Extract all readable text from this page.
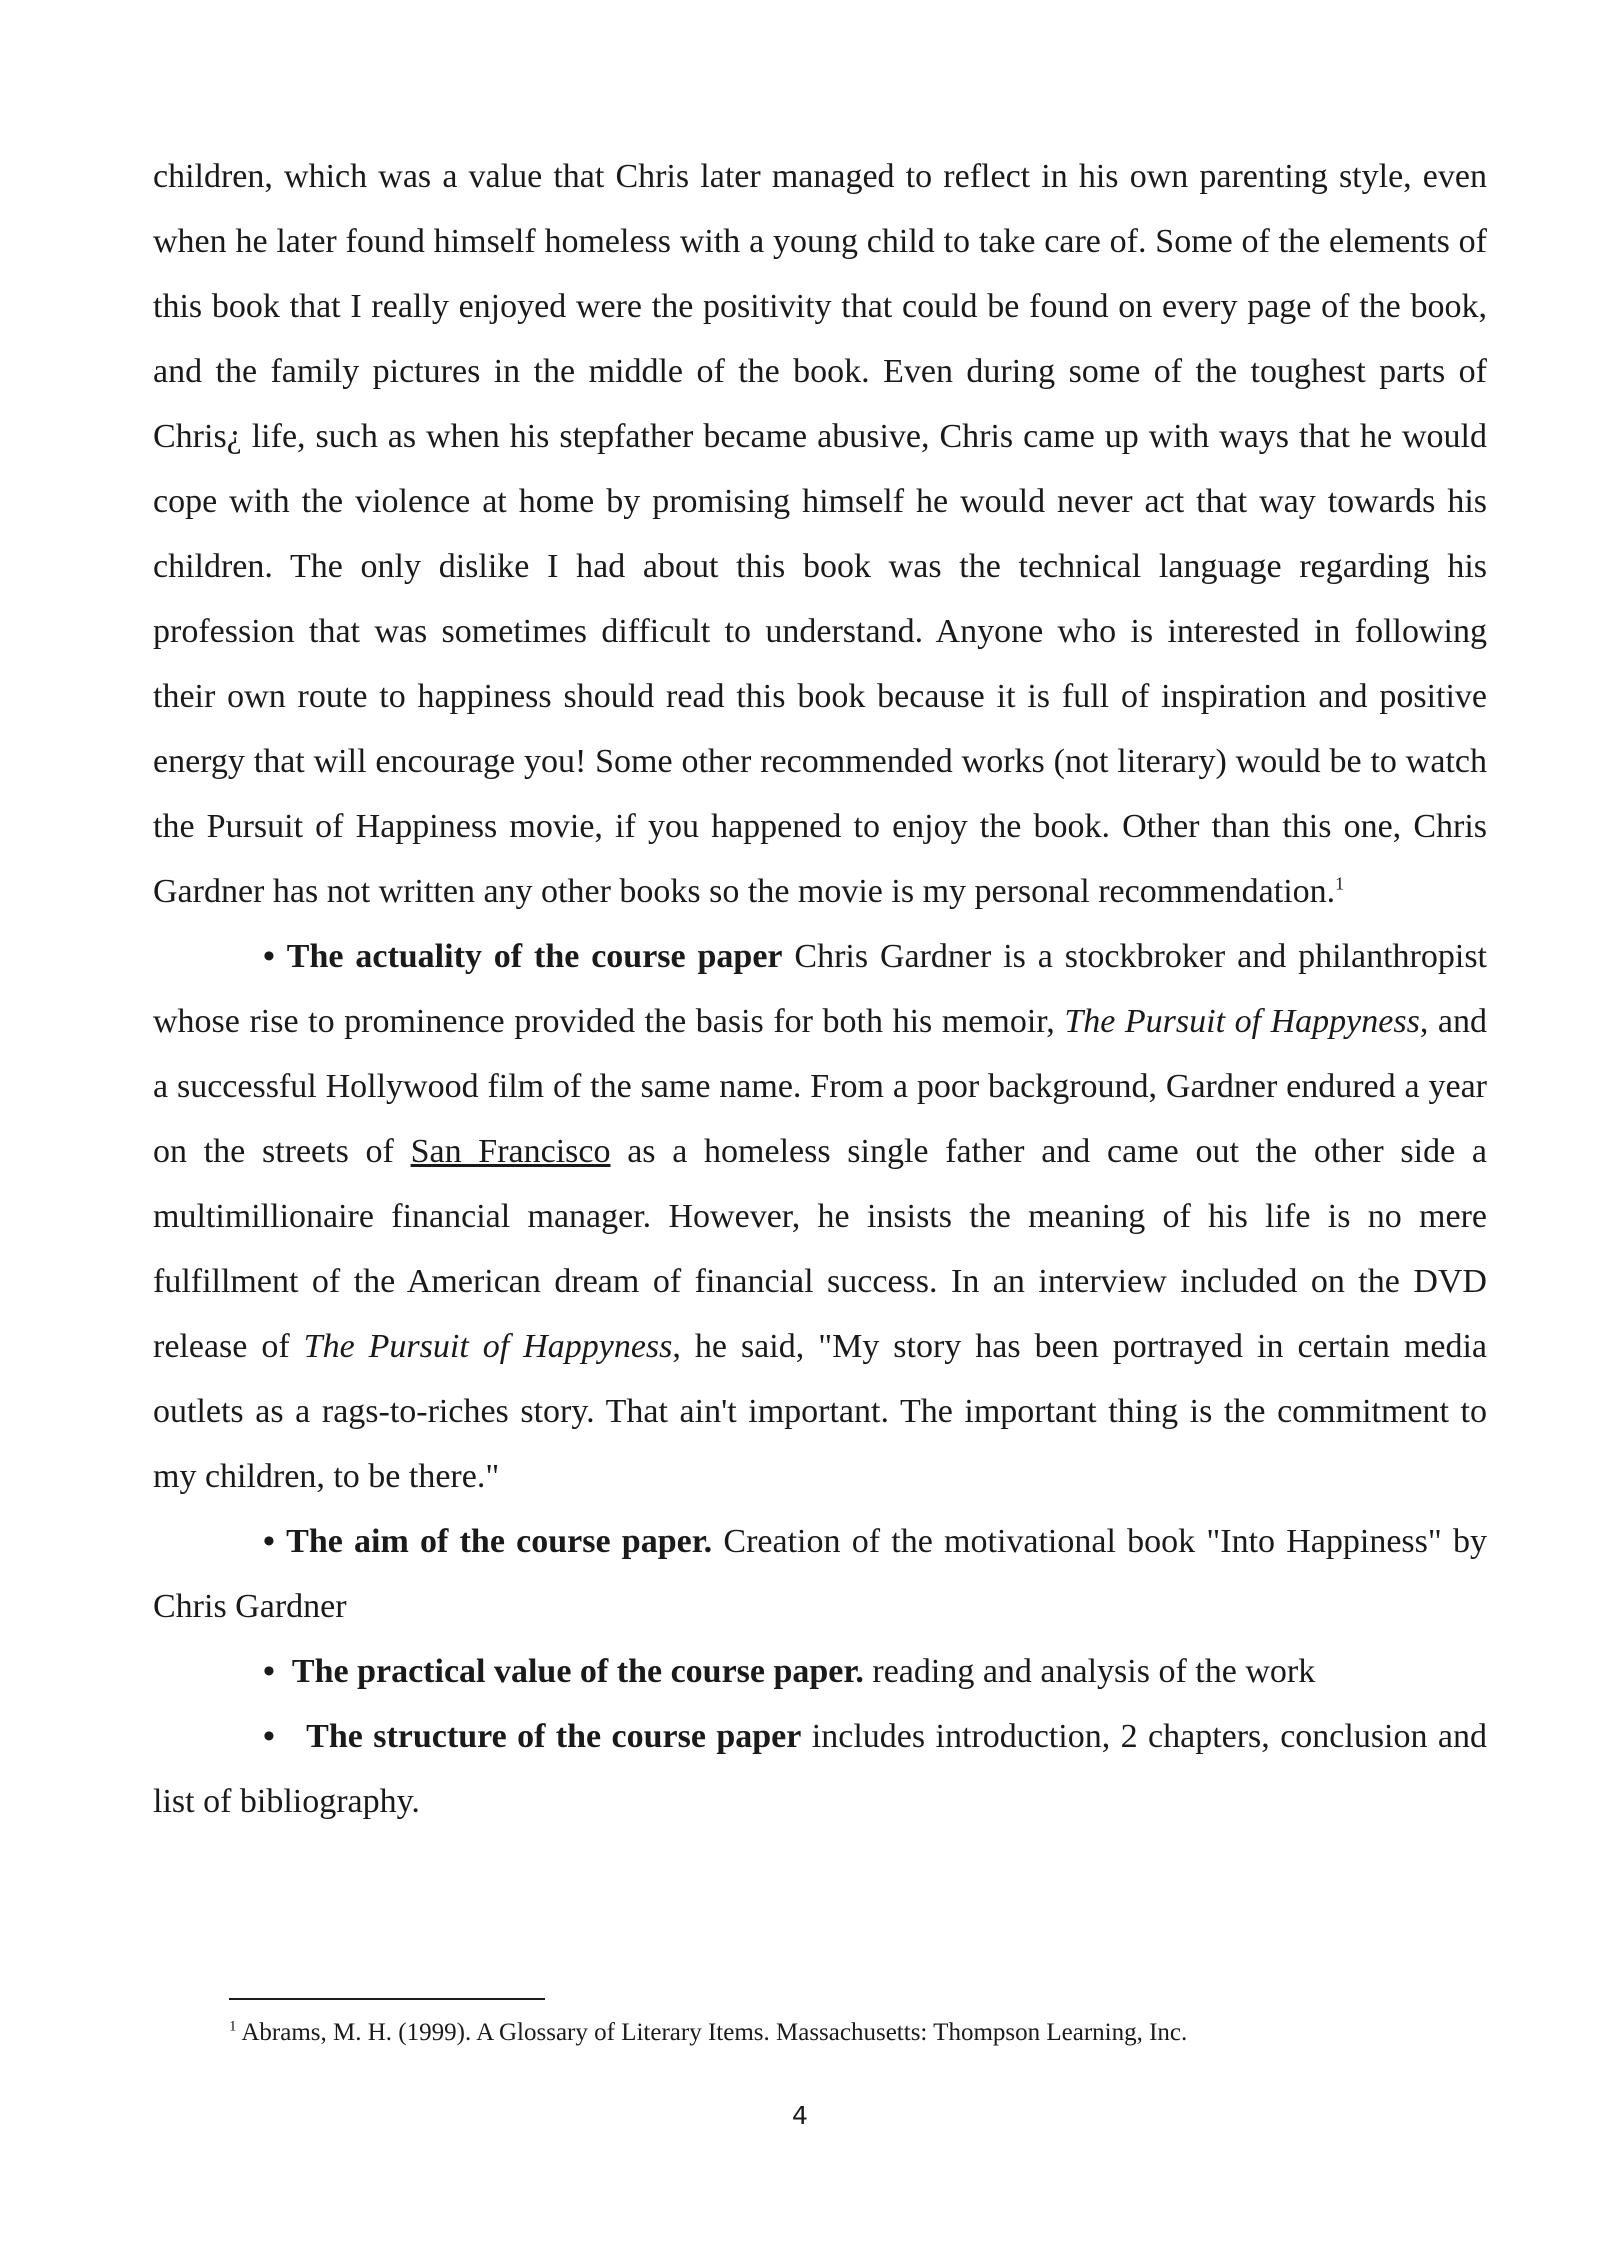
children, which was a value that Chris later managed to reflect in his own parenting style, even when he later found himself homeless with a young child to take care of. Some of the elements of this book that I really enjoyed were the positivity that could be found on every page of the book, and the family pictures in the middle of the book. Even during some of the toughest parts of Chris¿ life, such as when his stepfather became abusive, Chris came up with ways that he would cope with the violence at home by promising himself he would never act that way towards his children. The only dislike I had about this book was the technical language regarding his profession that was sometimes difficult to understand. Anyone who is interested in following their own route to happiness should read this book because it is full of inspiration and positive energy that will encourage you! Some other recommended works (not literary) would be to watch the Pursuit of Happiness movie, if you happened to enjoy the book. Other than this one, Chris Gardner has not written any other books so the movie is my personal recommendation.$^1$

• The actuality of the course paper Chris Gardner is a stockbroker and philanthropist whose rise to prominence provided the basis for both his memoir, The Pursuit of Happyness, and a successful Hollywood film of the same name. From a poor background, Gardner endured a year on the streets of San Francisco as a homeless single father and came out the other side a multimillionaire financial manager. However, he insists the meaning of his life is no mere fulfillment of the American dream of financial success. In an interview included on the DVD release of The Pursuit of Happyness, he said, "My story has been portrayed in certain media outlets as a rags-to-riches story. That ain't important. The important thing is the commitment to my children, to be there."

• The aim of the course paper. Creation of the motivational book "Into Happiness" by Chris Gardner

• The practical value of the course paper. reading and analysis of the work

• The structure of the course paper includes introduction, 2 chapters, conclusion and list of bibliography.

$^1$ Abrams, M. H. (1999). A Glossary of Literary Items. Massachusetts: Thompson Learning, Inc.
4
